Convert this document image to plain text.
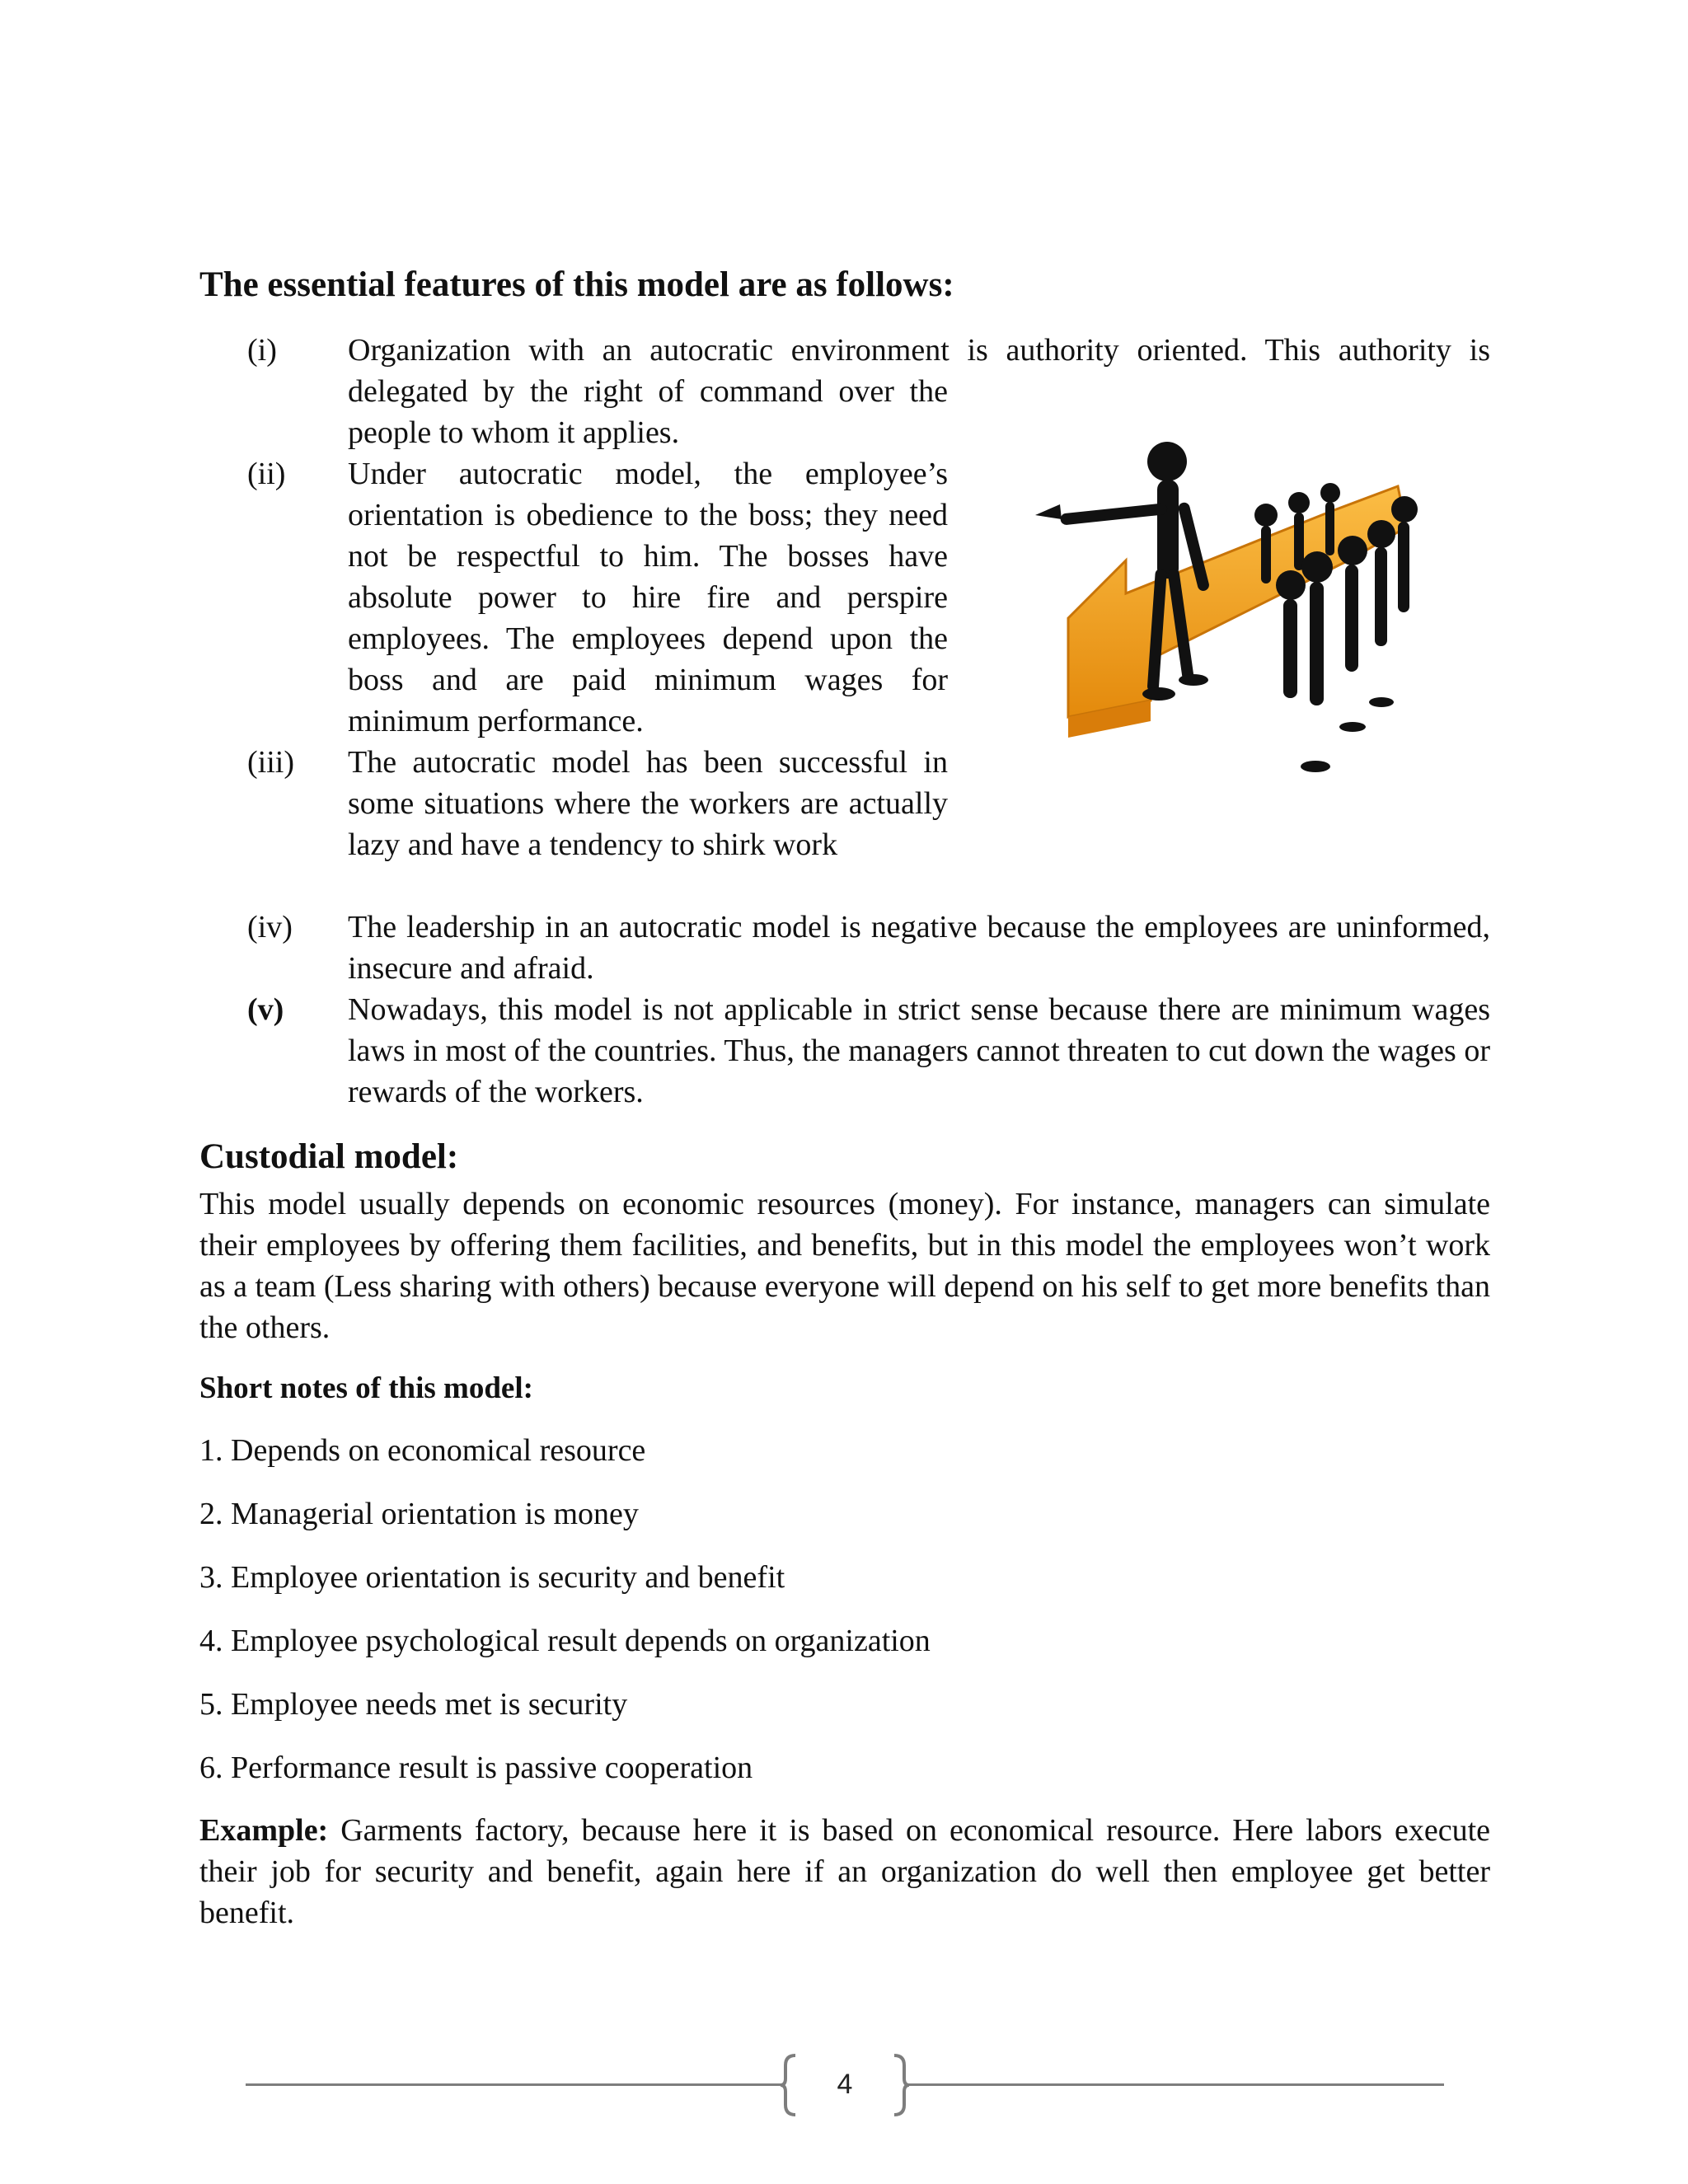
The essential features of this model are as follows:
(i)	Organization with an autocratic environment is authority oriented. This authority is
delegated by the right of command over the
people to whom it applies.
(ii)	Under autocratic model, the employee’s orientation is obedience to the boss; they need not be respectful to him. The bosses have absolute power to hire fire and perspire employees. The employees depend upon the boss and are paid minimum wages for minimum performance.
(iii)	The autocratic model has been successful in some situations where the workers are actually lazy and have a tendency to shirk work
(iv)	The leadership in an autocratic model is negative because the employees are uninformed, insecure and afraid.
(v)	Nowadays, this model is not applicable in strict sense because there are minimum wages laws in most of the countries. Thus, the managers cannot threaten to cut down the wages or rewards of the workers.
Custodial model:
This model usually depends on economic resources (money). For instance, managers can simulate their employees by offering them facilities, and benefits, but in this model the employees won’t work as a team (Less sharing with others) because everyone will depend on his self to get more benefits than the others.
Short notes of this model:
1. Depends on economical resource
2. Managerial orientation is money
3. Employee orientation is security and benefit
4. Employee psychological result depends on organization
5. Employee needs met is security
6. Performance result is passive cooperation
Example: Garments factory, because here it is based on economical resource. Here labors execute their job for security and benefit, again here if an organization do well then employee get better benefit.
4
